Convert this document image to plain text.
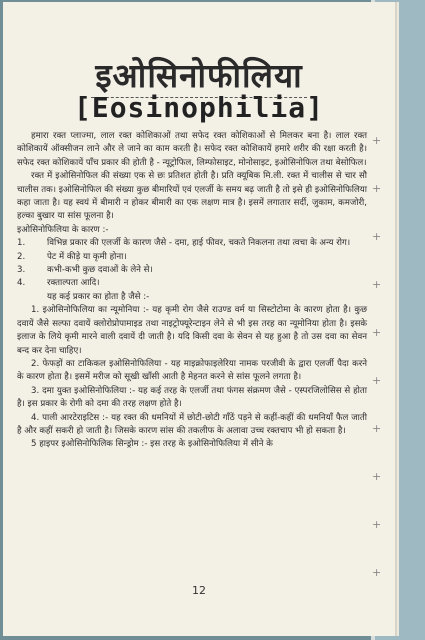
इओसिनोफीलिया
[Eosinophilia]

हमारा रक्त प्लाज्मा, लाल रक्त कोशिकाओं तथा सफेद रक्त कोशिकाओं से मिलकर बना है। लाल रक्त कोशिकायें ऑक्सीजन लाने और ले जाने का काम करती है। सफेद रक्त कोशिकायें हमारे शरीर की रक्षा करती है। सफेद रक्त कोशिकायें पाँच प्रकार की होती है - न्यूट्रोफिल, लिम्फोसाइट, मोनोसाइट, इओसिनोफिल तथा बेसोफिल।

रक्त में इओसिनोफिल की संख्या एक से छः प्रतिशत होती है। प्रति क्यूबिक मि.ली. रक्त में चालीस से चार सौ चालीस तक। इओसिनोफिल की संख्या कुछ बीमारियों एवं एलर्जी के समय बढ़ जाती है तो इसे ही इओसिनोफिलिया कहा जाता है। यह स्वयं में बीमारी न होकर बीमारी का एक लक्षण मात्र है। इसमें लगातार सर्दी, जुकाम, कमजोरी, हल्का बुखार या सांस फूलना है।

इओसिनोफिलिया के कारण :-

1.	विभिन्न प्रकार की एलर्जी के कारण जैसे - दमा, हाई फीवर, चकते निकलना तथा त्वचा के अन्य रोग।

2.	पेट में कीड़े या कृमी होना।

3.	कभी-कभी कुछ दवाओं के लेने से।

4.	रक्ताल्पता आदि।

यह कई प्रकार का होता है जैसे :-

1. इओसिनोफिलिया का न्यूमोनिया :- यह कृमी रोग जैसे राउण्ड वर्म या सिस्टोटोमा के कारण होता है। कुछ दवायें जैसे सल्फा दवायें क्लोरोप्रोपामाइड तथा नाइट्रोफ्यूरेन्टाइन लेने से भी इस तरह का न्यूमोनिया होता है। इसके इलाज के लिये कृमी मारने वाली दवायें दी जाती है। यदि किसी दवा के सेवन से यह हुआ है तो उस दवा का सेवन बन्द कर देना चाहिए।

2. फेफड़ों का टाकिकल इओसिनोफिलिया - यह माइक्रोफाइलेरिया नामक परजीवी के द्वारा एलर्जी पैदा करने के कारण होता है। इसमें मरीज को सूखी खाँसी आती है मेहनत करने से सांस फूलने लगता है।

3. दमा युक्त इओसिनोफिलिया :- यह कई तरह के एलर्जी तथा फंगस संक्रमण जैसे - एस्परजिलोसिस से होता है। इस प्रकार के रोगी को दमा की तरह लक्षण होते है।

4. पाली आरटेराइटिस :- यह रक्त की धमनियों में छोटी-छोटी गाँठें पड़ने से कहीं-कहीं की धमनियाँ फैल जाती है और कहीं सकरी हो जाती है। जिसके कारण सांस की तकलीफ के अलावा उच्च रक्तचाप भी हो सकता है।

5 हाइपर इओसिनोफिलिक सिन्ड्रोम :- इस तरह के इओसिनोफिलिया में सीने के

12
+
+
+
+
+
+
+
+
+
+
